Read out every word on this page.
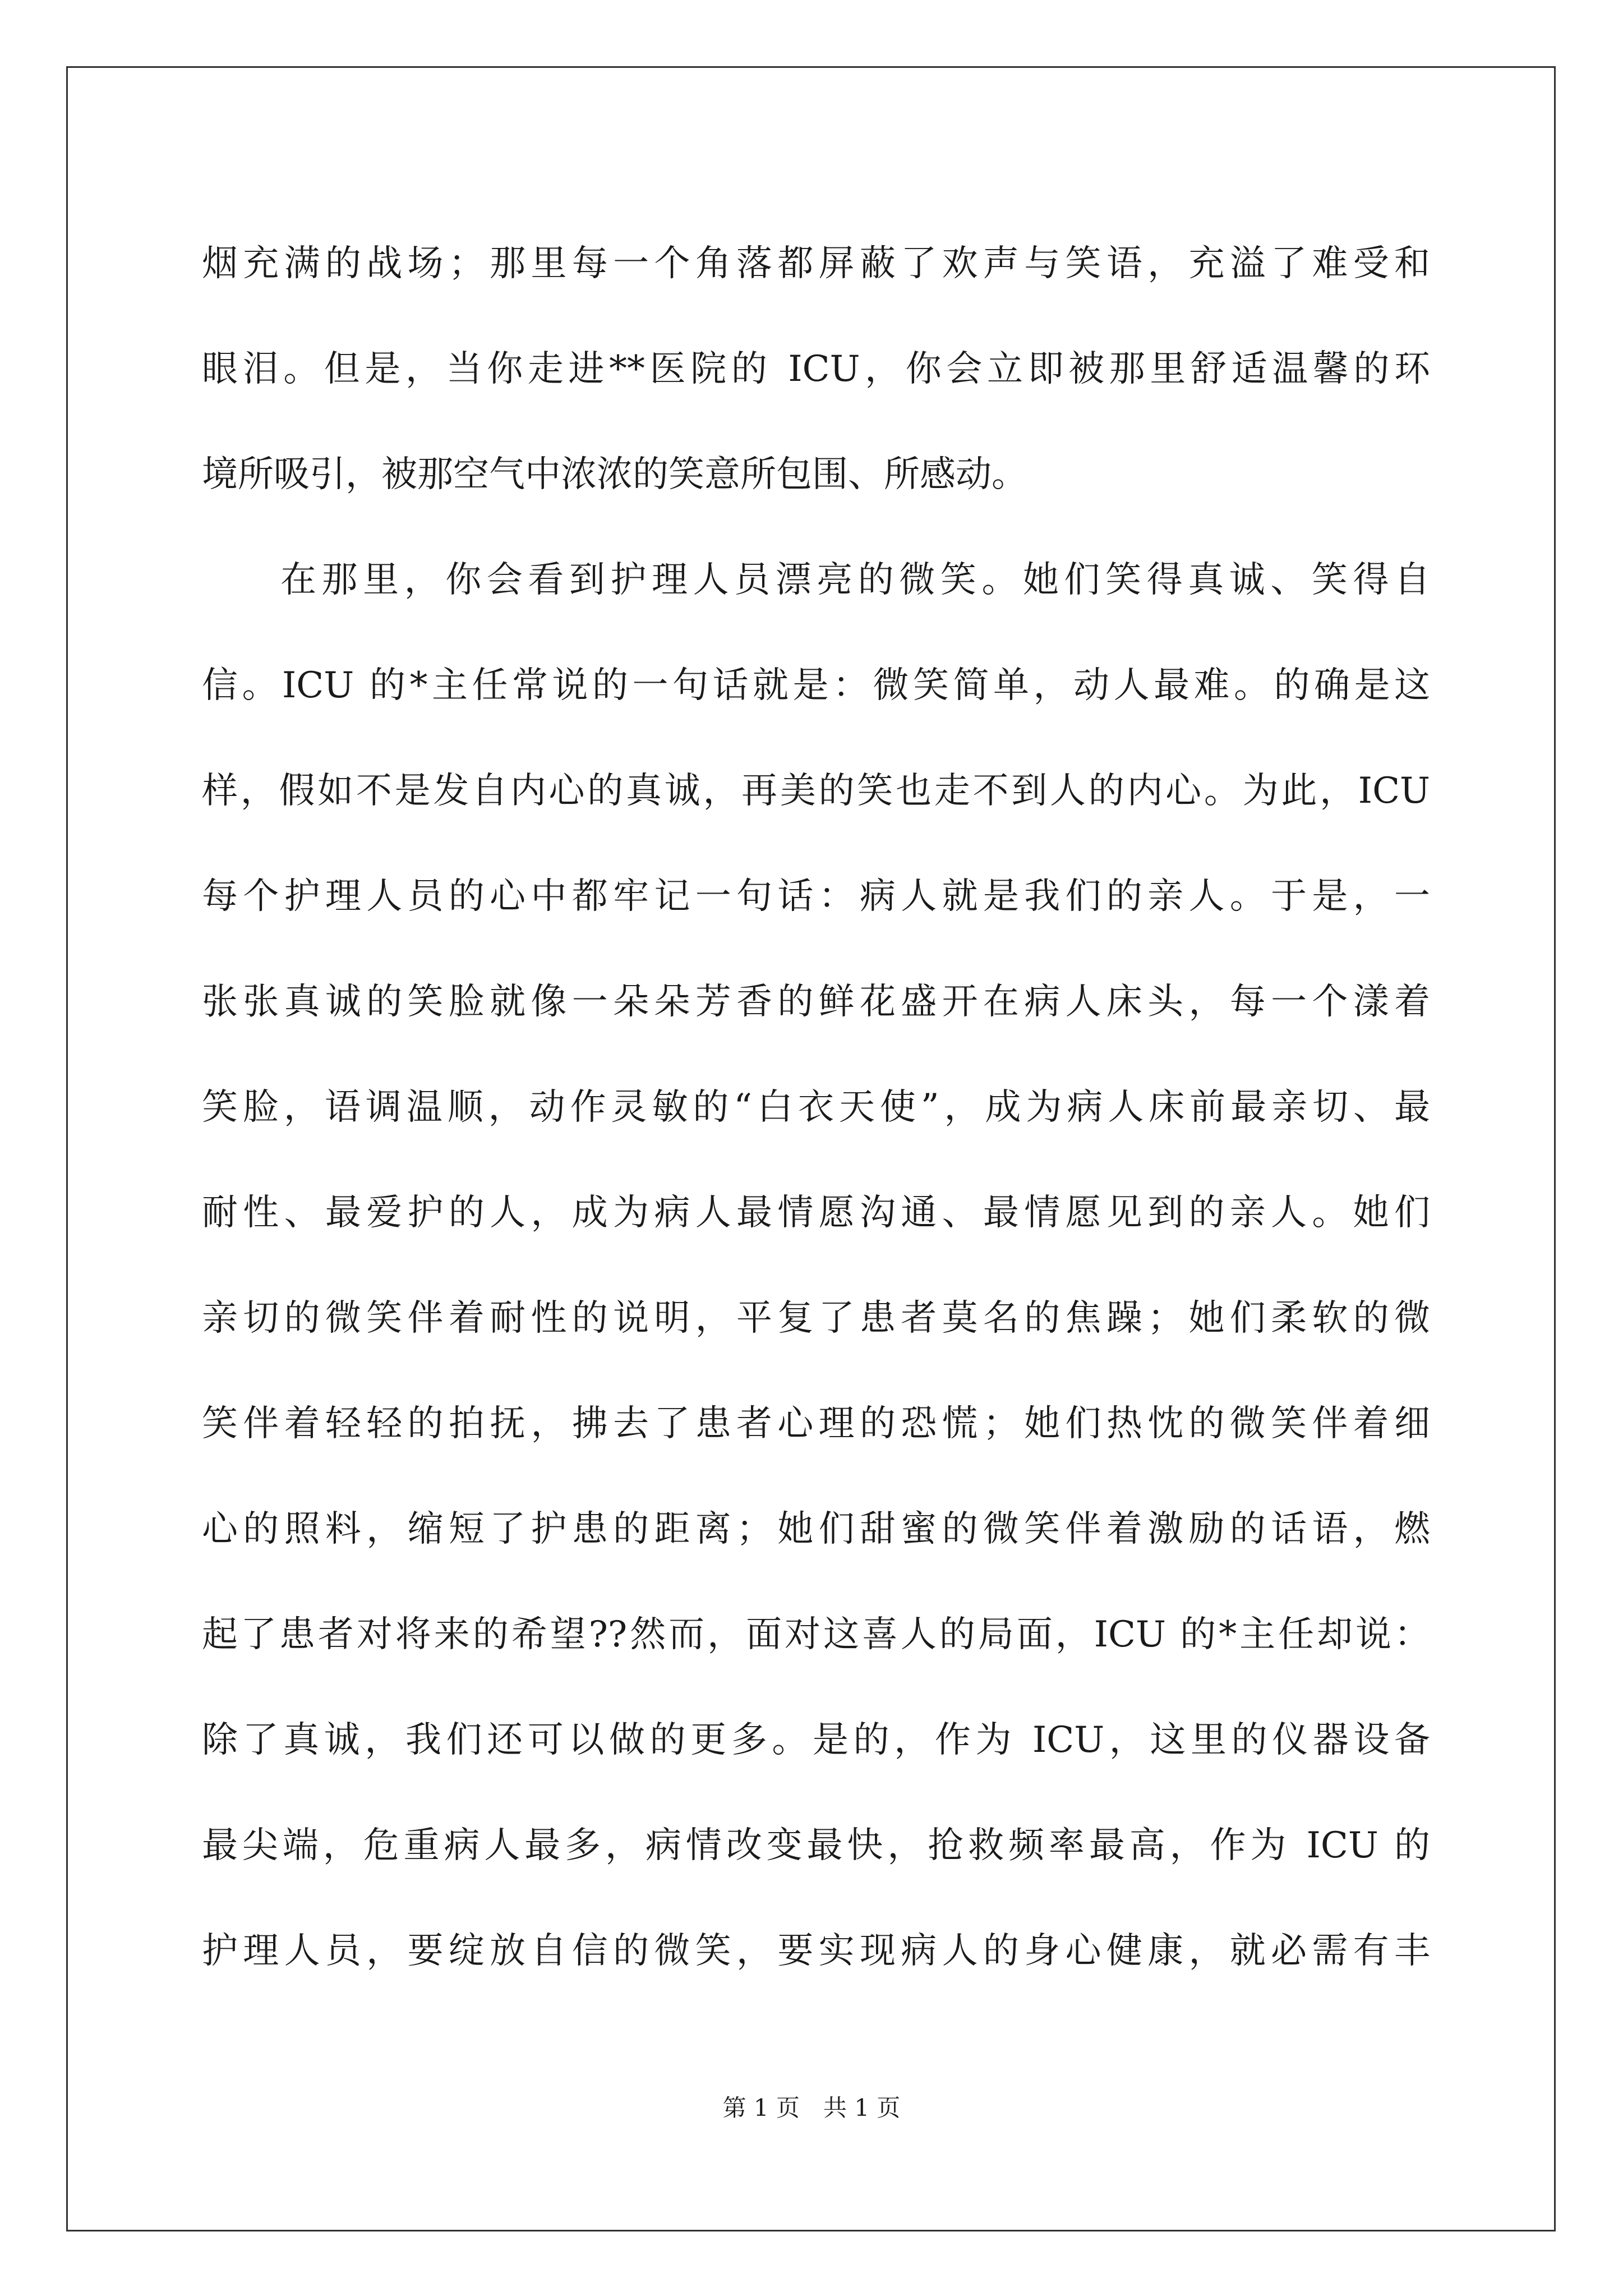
烟充满的战场；那里每一个角落都屏蔽了欢声与笑语，充溢了难受和
眼泪。但是，当你走进**医院的 ICU，你会立即被那里舒适温馨的环
境所吸引，被那空气中浓浓的笑意所包围、所感动。
在那里，你会看到护理人员漂亮的微笑。她们笑得真诚、笑得自
信。ICU 的*主任常说的一句话就是：微笑简单，动人最难。的确是这
样，假如不是发自内心的真诚，再美的笑也走不到人的内心。为此，ICU
每个护理人员的心中都牢记一句话：病人就是我们的亲人。于是，一
张张真诚的笑脸就像一朵朵芳香的鲜花盛开在病人床头，每一个漾着
笑脸，语调温顺，动作灵敏的“白衣天使”，成为病人床前最亲切、最
耐性、最爱护的人，成为病人最情愿沟通、最情愿见到的亲人。她们
亲切的微笑伴着耐性的说明，平复了患者莫名的焦躁；她们柔软的微
笑伴着轻轻的拍抚，拂去了患者心理的恐慌；她们热忱的微笑伴着细
心的照料，缩短了护患的距离；她们甜蜜的微笑伴着激励的话语，燃
起了患者对将来的希望??然而，面对这喜人的局面，ICU 的*主任却说：
除了真诚，我们还可以做的更多。是的，作为 ICU，这里的仪器设备
最尖端，危重病人最多，病情改变最快，抢救频率最高，作为 ICU 的
护理人员，要绽放自信的微笑，要实现病人的身心健康，就必需有丰
第 1 页　共 1 页
